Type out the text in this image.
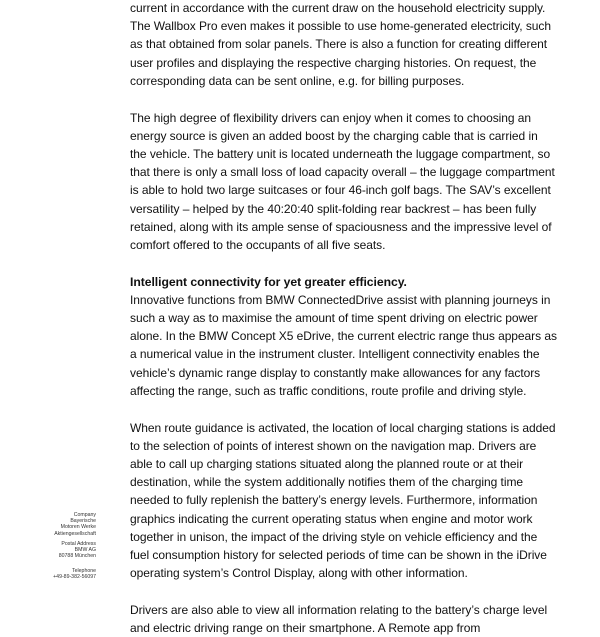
current in accordance with the current draw on the household electricity supply.
The Wallbox Pro even makes it possible to use home-generated electricity, such
as that obtained from solar panels. There is also a function for creating different
user profiles and displaying the respective charging histories. On request, the
corresponding data can be sent online, e.g. for billing purposes.

The high degree of flexibility drivers can enjoy when it comes to choosing an
energy source is given an added boost by the charging cable that is carried in
the vehicle. The battery unit is located underneath the luggage compartment, so
that there is only a small loss of load capacity overall – the luggage compartment
is able to hold two large suitcases or four 46-inch golf bags. The SAV’s excellent
versatility – helped by the 40:20:40 split-folding rear backrest – has been fully
retained, along with its ample sense of spaciousness and the impressive level of
comfort offered to the occupants of all five seats.

Intelligent connectivity for yet greater efficiency.

Innovative functions from BMW ConnectedDrive assist with planning journeys in
such a way as to maximise the amount of time spent driving on electric power
alone. In the BMW Concept X5 eDrive, the current electric range thus appears as
a numerical value in the instrument cluster. Intelligent connectivity enables the
vehicle’s dynamic range display to constantly make allowances for any factors
affecting the range, such as traffic conditions, route profile and driving style.

When route guidance is activated, the location of local charging stations is added
to the selection of points of interest shown on the navigation map. Drivers are
able to call up charging stations situated along the planned route or at their
destination, while the system additionally notifies them of the charging time
needed to fully replenish the battery’s energy levels. Furthermore, information
graphics indicating the current operating status when engine and motor work
together in unison, the impact of the driving style on vehicle efficiency and the
fuel consumption history for selected periods of time can be shown in the iDrive
operating system’s Control Display, along with other information.

Drivers are also able to view all information relating to the battery’s charge level
and electric driving range on their smartphone. A Remote app from

Company
Bayerische
Motoren Werke
Aktiengesellschaft

Postal Address
BMW AG
80788 München

Telephone
+49-89-382-56097
